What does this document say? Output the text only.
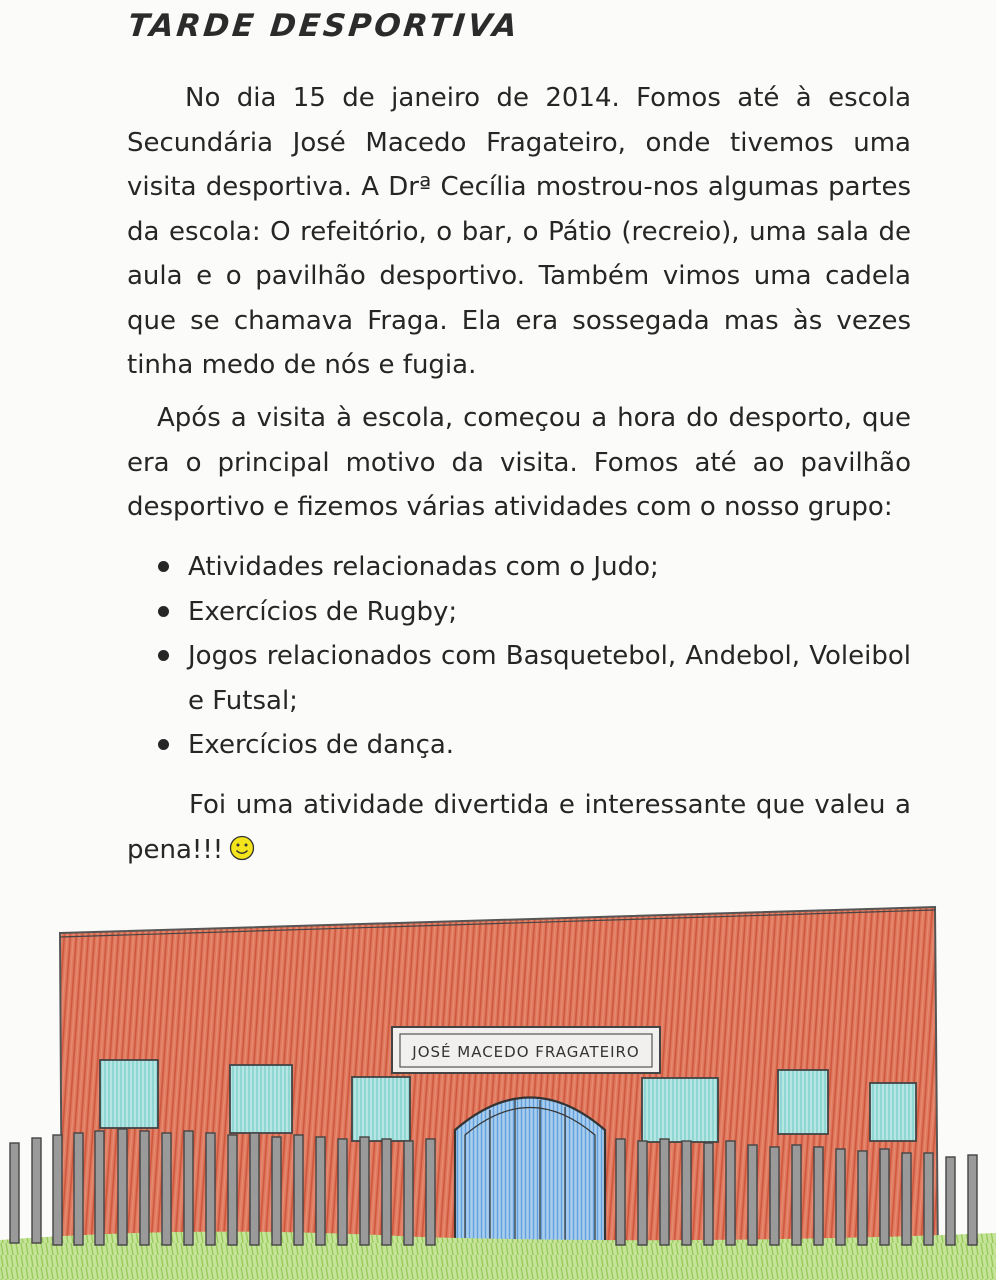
TARDE DESPORTIVA

No dia 15 de janeiro de 2014. Fomos até à escola Secundária José Macedo Fragateiro, onde tivemos uma visita desportiva. A Drª Cecília mostrou-nos algumas partes da escola: O refeitório, o bar, o Pátio (recreio), uma sala de aula e o pavilhão desportivo. Também vimos uma cadela que se chamava Fraga. Ela era sossegada mas às vezes tinha medo de nós e fugia.

Após a visita à escola, começou a hora do desporto, que era o principal motivo da visita. Fomos até ao pavilhão desportivo e fizemos várias atividades com o nosso grupo:

Atividades relacionadas com o Judo;
Exercícios de Rugby;
Jogos relacionados com Basquetebol, Andebol, Voleibol e Futsal;
Exercícios de dança.

Foi uma atividade divertida e interessante que valeu a pena!!!

JOSÉ MACEDO FRAGATEIRO
